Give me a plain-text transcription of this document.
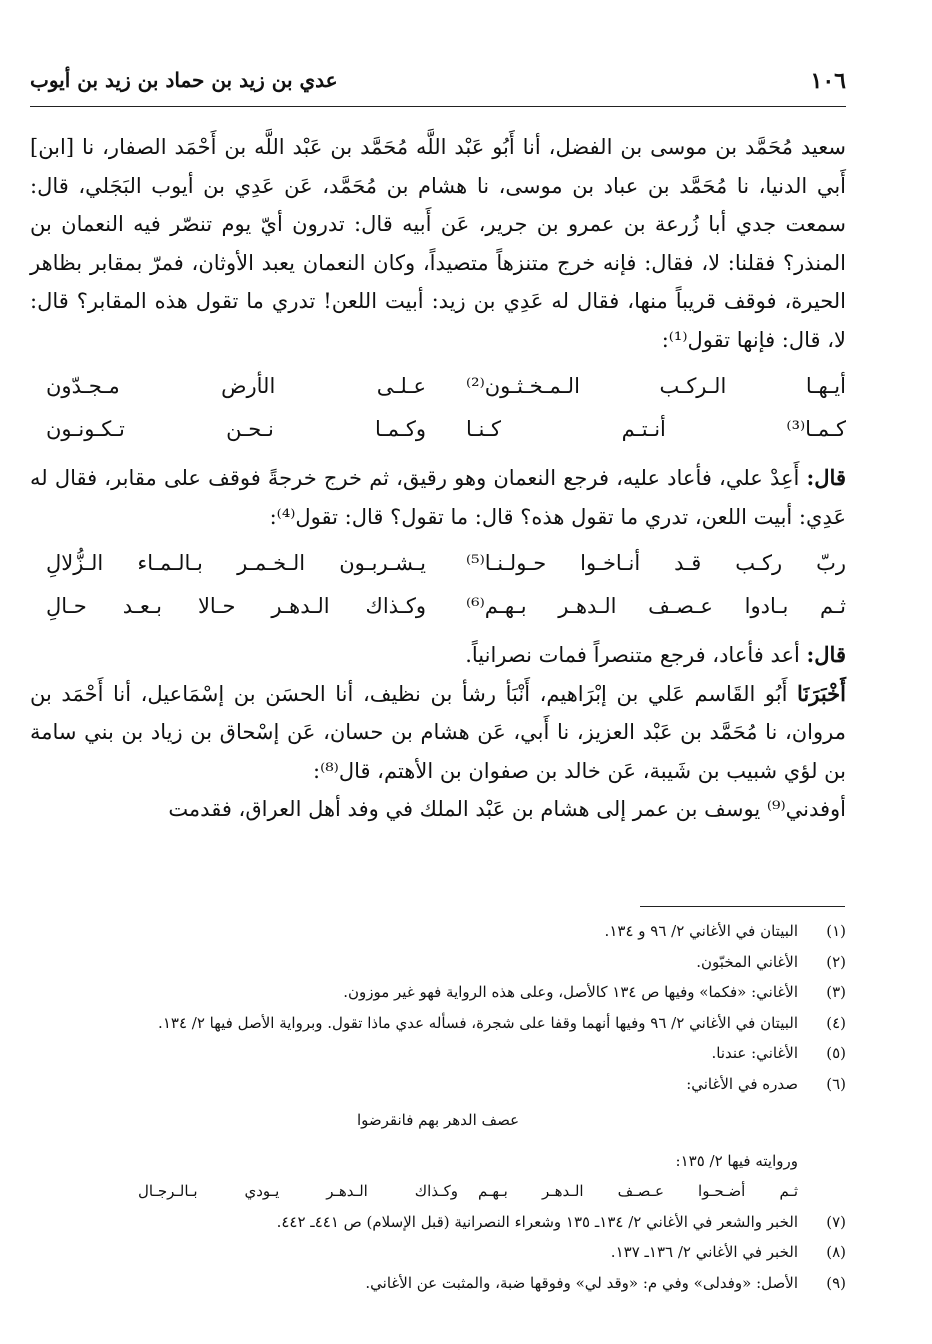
١٠٦
عدي بن زيد بن حماد بن زيد بن أيوب

سعيد مُحَمَّد بن موسى بن الفضل، أنا أَبُو عَبْد اللَّه مُحَمَّد بن عَبْد اللَّه بن أَحْمَد الصفار، نا [ابن] أَبي الدنيا، نا مُحَمَّد بن عباد بن موسى، نا هشام بن مُحَمَّد، عَن عَدِي بن أيوب البَجَلي، قال: سمعت جدي أبا زُرعة بن عمرو بن جرير، عَن أَبيه قال: تدرون أيّ يوم تنصّر فيه النعمان بن المنذر؟ فقلنا: لا، فقال: فإنه خرج متنزهاً متصيداً، وكان النعمان يعبد الأوثان، فمرّ بمقابر بظاهر الحيرة، فوقف قريباً منها، فقال له عَدِي بن زيد: أبيت اللعن! تدري ما تقول هذه المقابر؟ قال: لا، قال: فإنها تقول⁽¹⁾:

أيـهـا الـركـب الـمـخـثـون⁽²⁾
عـلـى الأرض مـجـدّون
كـمـا⁽³⁾ أنـتـم كـنـا
وكـمـا نـحـن تـكـونـون

قال: أَعِدْ علي، فأعاد عليه، فرجع النعمان وهو رقيق، ثم خرج خرجةً فوقف على مقابر، فقال له عَدِي: أبيت اللعن، تدري ما تقول هذه؟ قال: ما تقول؟ قال: تقول⁽⁴⁾:

ربّ ركـب قـد أنـاخـوا حـولـنـا⁽⁵⁾
يـشـربـون الـخـمـر بـالـمـاء الـزُّلالِ
ثـم بـادوا عـصـف الـدهـر بـهـم⁽⁶⁾
وكـذاك الـدهـر حـالا بـعـد حـالِ

قال: أعد فأعاد، فرجع متنصراً فمات نصرانياً.

أَخْبَرَنَا أَبُو القَاسم عَلي بن إبْرَاهيم، أَنْبَأ رشأ بن نظيف، أنا الحسَن بن إسْمَاعيل، أنا أَحْمَد بن مروان، نا مُحَمَّد بن عَبْد العزيز، نا أَبي، عَن هشام بن حسان، عَن إسْحاق بن زياد بن بني سامة بن لؤي شبيب بن شَيبة، عَن خالد بن صفوان بن الأهتم، قال⁽⁸⁾:

أوفدني⁽⁹⁾ يوسف بن عمر إلى هشام بن عَبْد الملك في وفد أهل العراق، فقدمت

(١)
البيتان في الأغاني ٢/ ٩٦ و ١٣٤.
(٢)
الأغاني المخبّون.
(٣)
الأغاني: «فكما» وفيها ص ١٣٤ كالأصل، وعلى هذه الرواية فهو غير موزون.
(٤)
البيتان في الأغاني ٢/ ٩٦ وفيها أنهما وقفا على شجرة، فسأله عدي ماذا تقول. وبرواية الأصل فيها ٢/ ١٣٤.
(٥)
الأغاني: عندنا.
(٦)
صدره في الأغاني:
عصف الدهر بهم فانقرضوا
وروايته فيها ٢/ ١٣٥:
ثـم أضـحـوا عـصـف الـدهـر بـهـم
وكـذاك الـدهـر يـودي بـالـرجـال
(٧)
الخبر والشعر في الأغاني ٢/ ١٣٤ـ ١٣٥ وشعراء النصرانية (قبل الإسلام) ص ٤٤١ـ ٤٤٢.
(٨)
الخبر في الأغاني ٢/ ١٣٦ـ ١٣٧.
(٩)
الأصل: «وفدلى» وفي م: «وقد لي» وفوقها ضبة، والمثبت عن الأغاني.
